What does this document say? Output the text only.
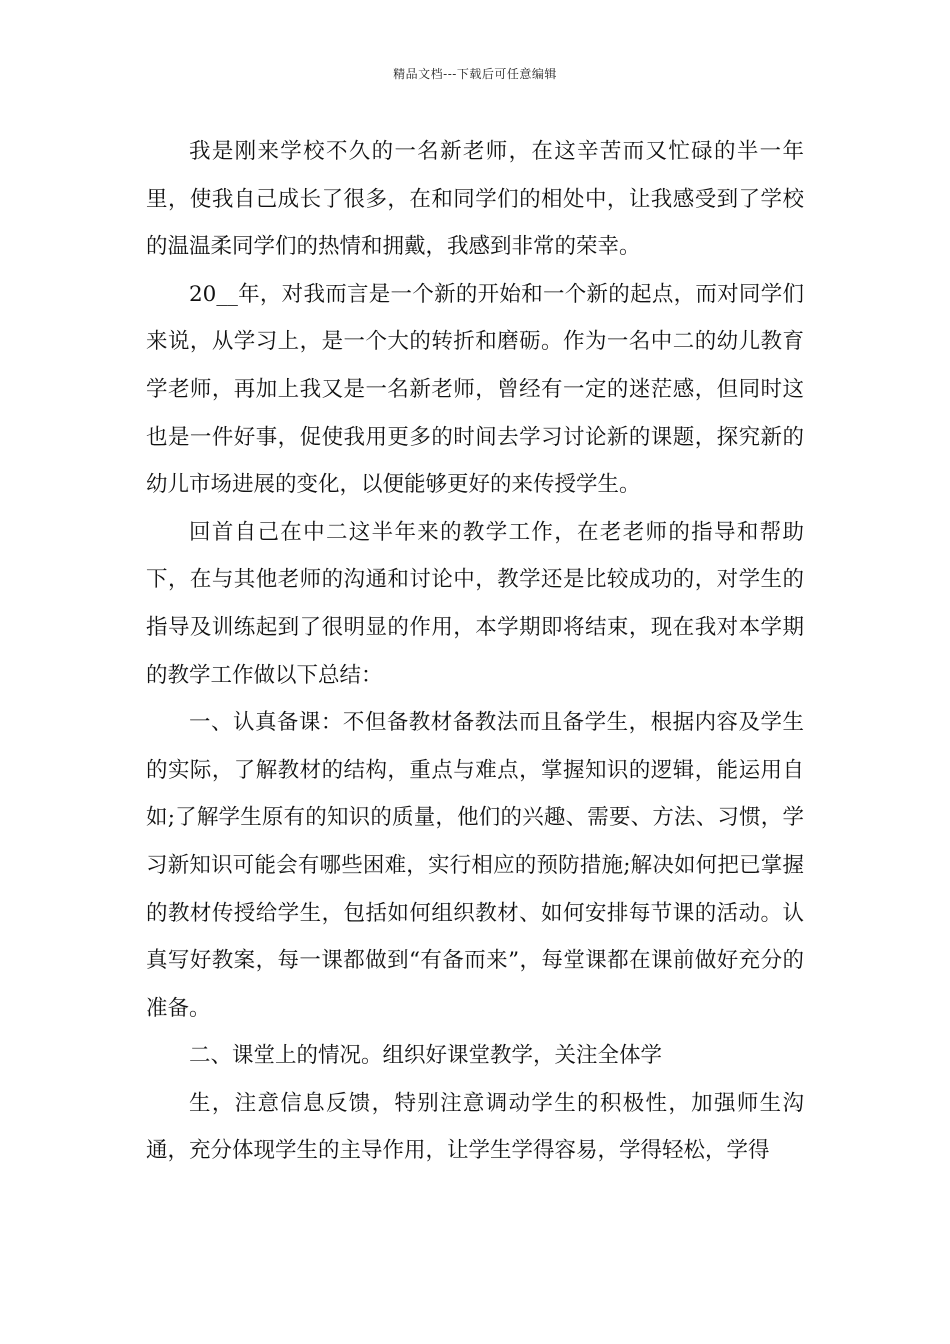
精品文档---下载后可任意编辑

我是刚来学校不久的一名新老师，在这辛苦而又忙碌的半一年里，使我自己成长了很多，在和同学们的相处中，让我感受到了学校的温温柔同学们的热情和拥戴，我感到非常的荣幸。

20__年，对我而言是一个新的开始和一个新的起点，而对同学们来说，从学习上，是一个大的转折和磨砺。作为一名中二的幼儿教育学老师，再加上我又是一名新老师，曾经有一定的迷茫感，但同时这也是一件好事，促使我用更多的时间去学习讨论新的课题，探究新的幼儿市场进展的变化，以便能够更好的来传授学生。

回首自己在中二这半年来的教学工作，在老老师的指导和帮助下，在与其他老师的沟通和讨论中，教学还是比较成功的，对学生的指导及训练起到了很明显的作用，本学期即将结束，现在我对本学期的教学工作做以下总结：

一、认真备课：不但备教材备教法而且备学生，根据内容及学生的实际，了解教材的结构，重点与难点，掌握知识的逻辑，能运用自如;了解学生原有的知识的质量，他们的兴趣、需要、方法、习惯，学习新知识可能会有哪些困难，实行相应的预防措施;解决如何把已掌握的教材传授给学生，包括如何组织教材、如何安排每节课的活动。认真写好教案，每一课都做到“有备而来”，每堂课都在课前做好充分的准备。

二、课堂上的情况。组织好课堂教学，关注全体学

生，注意信息反馈，特别注意调动学生的积极性，加强师生沟通，充分体现学生的主导作用，让学生学得容易，学得轻松，学得
